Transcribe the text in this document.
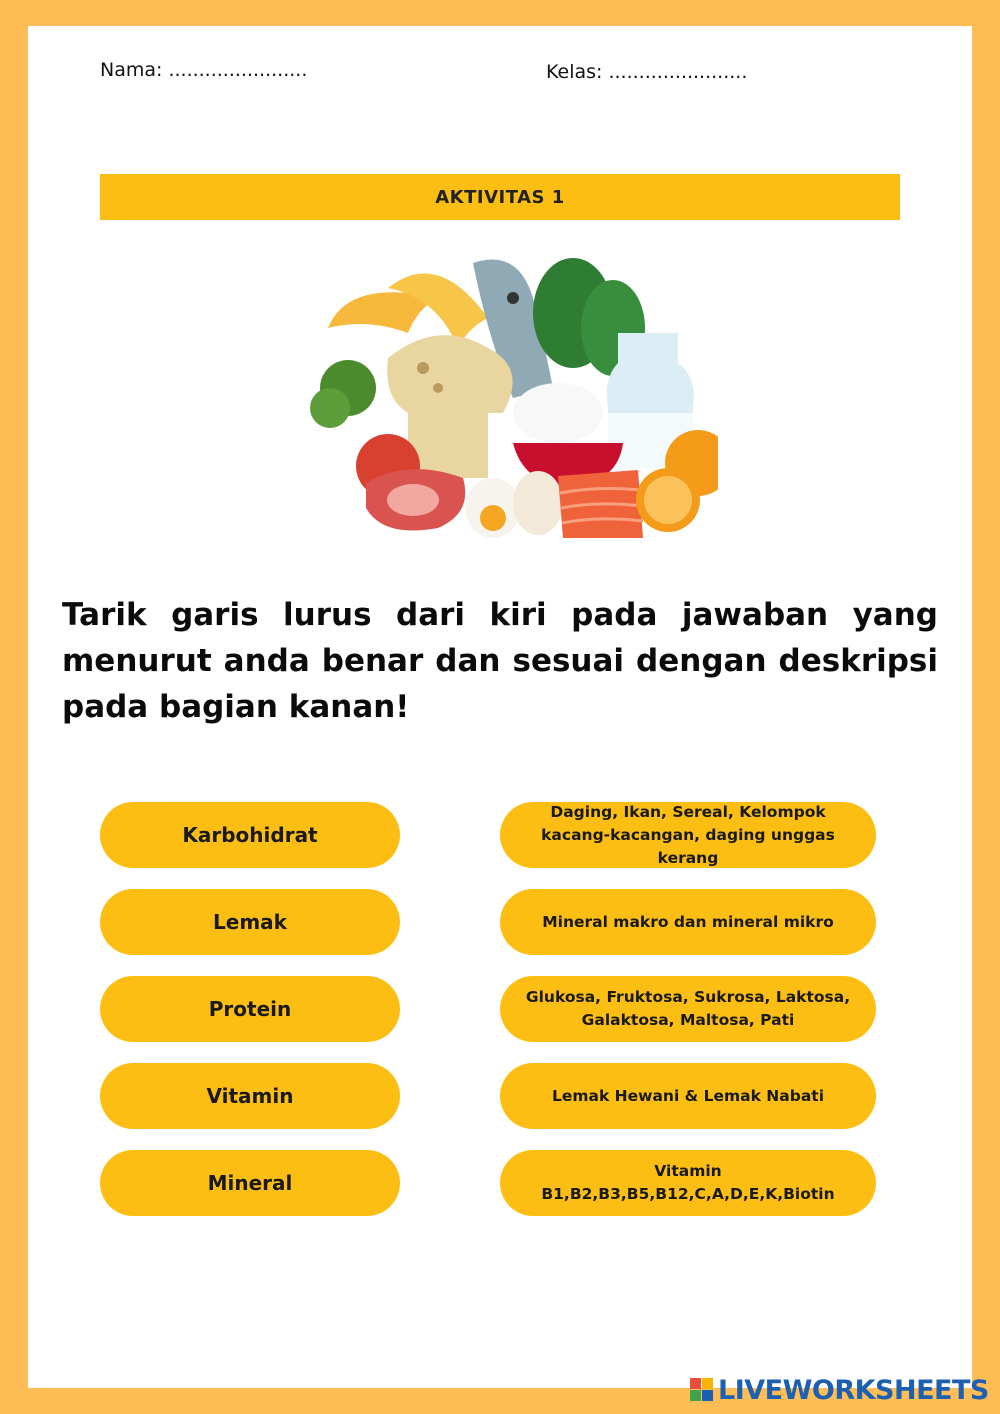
Nama: .......................	Kelas: .......................
AKTIVITAS 1
Tarik garis lurus dari kiri pada jawaban yang menurut anda benar dan sesuai dengan deskripsi pada bagian kanan!
Karbohidrat
Lemak
Protein
Vitamin
Mineral
Daging, Ikan, Sereal, Kelompok kacang-kacangan, daging unggas kerang
Mineral makro dan mineral mikro
Glukosa, Fruktosa, Sukrosa, Laktosa, Galaktosa, Maltosa, Pati
Lemak Hewani & Lemak Nabati
Vitamin B1,B2,B3,B5,B12,C,A,D,E,K,Biotin
LIVEWORKSHEETS
